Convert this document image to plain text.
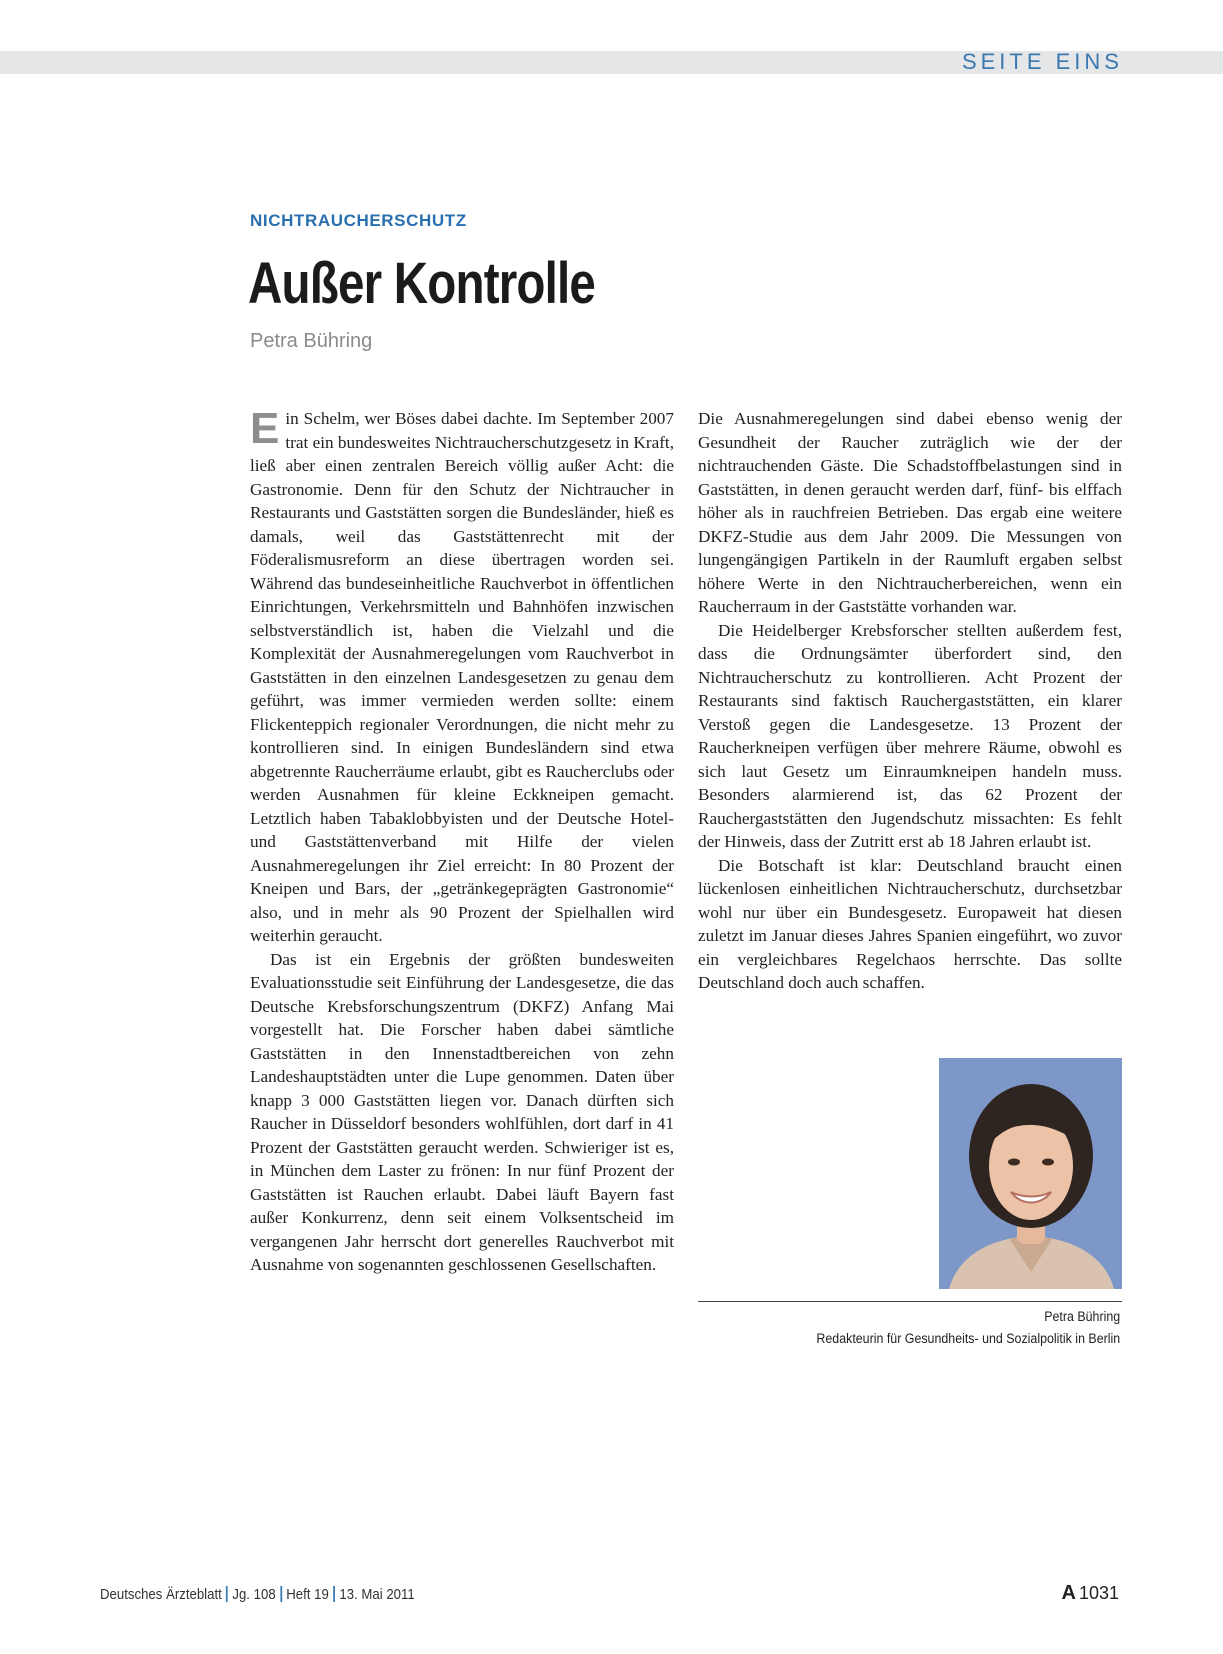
SEITE EINS
NICHTRAUCHERSCHUTZ
Außer Kontrolle
Petra Bühring

Ein Schelm, wer Böses dabei dachte. Im September 2007 trat ein bundesweites Nichtraucherschutzgesetz in Kraft, ließ aber einen zentralen Bereich völlig außer Acht: die Gastronomie. Denn für den Schutz der Nichtraucher in Restaurants und Gaststätten sorgen die Bundesländer, hieß es damals, weil das Gaststättenrecht mit der Föderalismusreform an diese übertragen worden sei. Während das bundeseinheitliche Rauchverbot in öffentlichen Einrichtungen, Verkehrsmitteln und Bahnhöfen inzwischen selbstverständlich ist, haben die Vielzahl und die Komplexität der Ausnahmeregelungen vom Rauchverbot in Gaststätten in den einzelnen Landesgesetzen zu genau dem geführt, was immer vermieden werden sollte: einem Flickenteppich regionaler Verordnungen, die nicht mehr zu kontrollieren sind. In einigen Bundesländern sind etwa abgetrennte Raucherräume erlaubt, gibt es Raucherclubs oder werden Ausnahmen für kleine Eckkneipen gemacht. Letztlich haben Tabaklobbyisten und der Deutsche Hotel- und Gaststättenverband mit Hilfe der vielen Ausnahmeregelungen ihr Ziel erreicht: In 80 Prozent der Kneipen und Bars, der „getränkegeprägten Gastronomie“ also, und in mehr als 90 Prozent der Spielhallen wird weiterhin geraucht.

Das ist ein Ergebnis der größten bundesweiten Evaluationsstudie seit Einführung der Landesgesetze, die das Deutsche Krebsforschungszentrum (DKFZ) Anfang Mai vorgestellt hat. Die Forscher haben dabei sämtliche Gaststätten in den Innenstadtbereichen von zehn Landeshauptstädten unter die Lupe genommen. Daten über knapp 3 000 Gaststätten liegen vor. Danach dürften sich Raucher in Düsseldorf besonders wohlfühlen, dort darf in 41 Prozent der Gaststätten geraucht werden. Schwieriger ist es, in München dem Laster zu frönen: In nur fünf Prozent der Gaststätten ist Rauchen erlaubt. Dabei läuft Bayern fast außer Konkurrenz, denn seit einem Volksentscheid im vergangenen Jahr herrscht dort generelles Rauchverbot mit Ausnahme von sogenannten geschlossenen Gesellschaften.

Die Ausnahmeregelungen sind dabei ebenso wenig der Gesundheit der Raucher zuträglich wie der der nichtrauchenden Gäste. Die Schadstoffbelastungen sind in Gaststätten, in denen geraucht werden darf, fünf- bis elffach höher als in rauchfreien Betrieben. Das ergab eine weitere DKFZ-Studie aus dem Jahr 2009. Die Messungen von lungengängigen Partikeln in der Raumluft ergaben selbst höhere Werte in den Nichtraucherbereichen, wenn ein Raucherraum in der Gaststätte vorhanden war.

Die Heidelberger Krebsforscher stellten außerdem fest, dass die Ordnungsämter überfordert sind, den Nichtraucherschutz zu kontrollieren. Acht Prozent der Restaurants sind faktisch Rauchergaststätten, ein klarer Verstoß gegen die Landesgesetze. 13 Prozent der Raucherkneipen verfügen über mehrere Räume, obwohl es sich laut Gesetz um Einraumkneipen handeln muss. Besonders alarmierend ist, das 62 Prozent der Rauchergaststätten den Jugendschutz missachten: Es fehlt der Hinweis, dass der Zutritt erst ab 18 Jahren erlaubt ist.

Die Botschaft ist klar: Deutschland braucht einen lückenlosen einheitlichen Nichtraucherschutz, durchsetzbar wohl nur über ein Bundesgesetz. Europaweit hat diesen zuletzt im Januar dieses Jahres Spanien eingeführt, wo zuvor ein vergleichbares Regelchaos herrschte. Das sollte Deutschland doch auch schaffen.

Petra Bühring
Redakteurin für Gesundheits- und Sozialpolitik in Berlin
Deutsches Ärzteblatt Jg. 108 Heft 19 13. Mai 2011	A 1031
